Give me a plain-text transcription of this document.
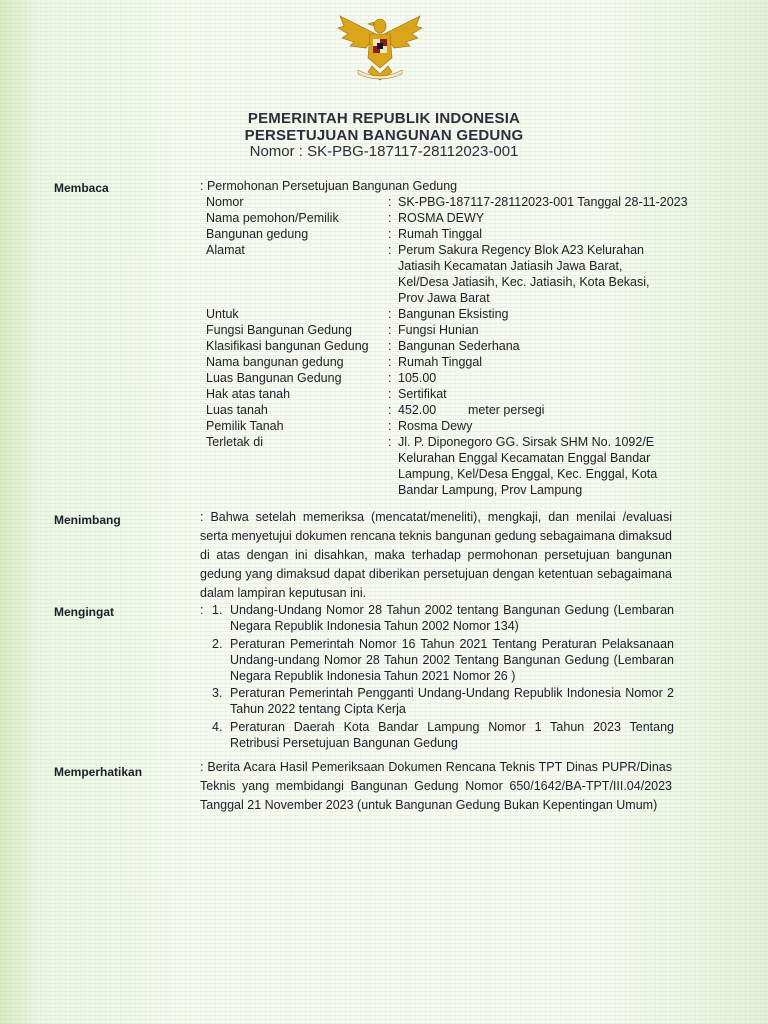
PEMERINTAH REPUBLIK INDONESIA
PERSETUJUAN BANGUNAN GEDUNG
Nomor : SK-PBG-187117-28112023-001
Membaca	: Permohonan Persetujuan Bangunan Gedung
Nomor	: SK-PBG-187117-28112023-001 Tanggal 28-11-2023
Nama pemohon/Pemilik	: ROSMA DEWY
Bangunan gedung	: Rumah Tinggal
Alamat	: Perum Sakura Regency Blok A23 Kelurahan Jatiasih Kecamatan Jatiasih Jawa Barat, Kel/Desa Jatiasih, Kec. Jatiasih, Kota Bekasi, Prov Jawa Barat
Untuk	: Bangunan Eksisting
Fungsi Bangunan Gedung	: Fungsi Hunian
Klasifikasi bangunan Gedung : Bangunan Sederhana
Nama bangunan gedung	: Rumah Tinggal
Luas Bangunan Gedung	: 105.00
Hak atas tanah	: Sertifikat
Luas tanah	: 452.00	meter persegi
Pemilik Tanah	: Rosma Dewy
Terletak di	: Jl. P. Diponegoro GG. Sirsak SHM No. 1092/E Kelurahan Enggal Kecamatan Enggal Bandar Lampung, Kel/Desa Enggal, Kec. Enggal, Kota Bandar Lampung, Prov Lampung
Menimbang	: Bahwa setelah memeriksa (mencatat/meneliti), mengkaji, dan menilai /evaluasi serta menyetujui dokumen rencana teknis bangunan gedung sebagaimana dimaksud di atas dengan ini disahkan, maka terhadap permohonan persetujuan bangunan gedung yang dimaksud dapat diberikan persetujuan dengan ketentuan sebagaimana dalam lampiran keputusan ini.
Mengingat	: 1. Undang-Undang Nomor 28 Tahun 2002 tentang Bangunan Gedung (Lembaran Negara Republik Indonesia Tahun 2002 Nomor 134)
2. Peraturan Pemerintah Nomor 16 Tahun 2021 Tentang Peraturan Pelaksanaan Undang-undang Nomor 28 Tahun 2002 Tentang Bangunan Gedung (Lembaran Negara Republik Indonesia Tahun 2021 Nomor 26 )
3. Peraturan Pemerintah Pengganti Undang-Undang Republik Indonesia Nomor 2 Tahun 2022 tentang Cipta Kerja
4. Peraturan Daerah Kota Bandar Lampung Nomor 1 Tahun 2023 Tentang Retribusi Persetujuan Bangunan Gedung
Memperhatikan	: Berita Acara Hasil Pemeriksaan Dokumen Rencana Teknis TPT Dinas PUPR/Dinas Teknis yang membidangi Bangunan Gedung Nomor 650/1642/BA-TPT/III.04/2023 Tanggal 21 November 2023 (untuk Bangunan Gedung Bukan Kepentingan Umum)
